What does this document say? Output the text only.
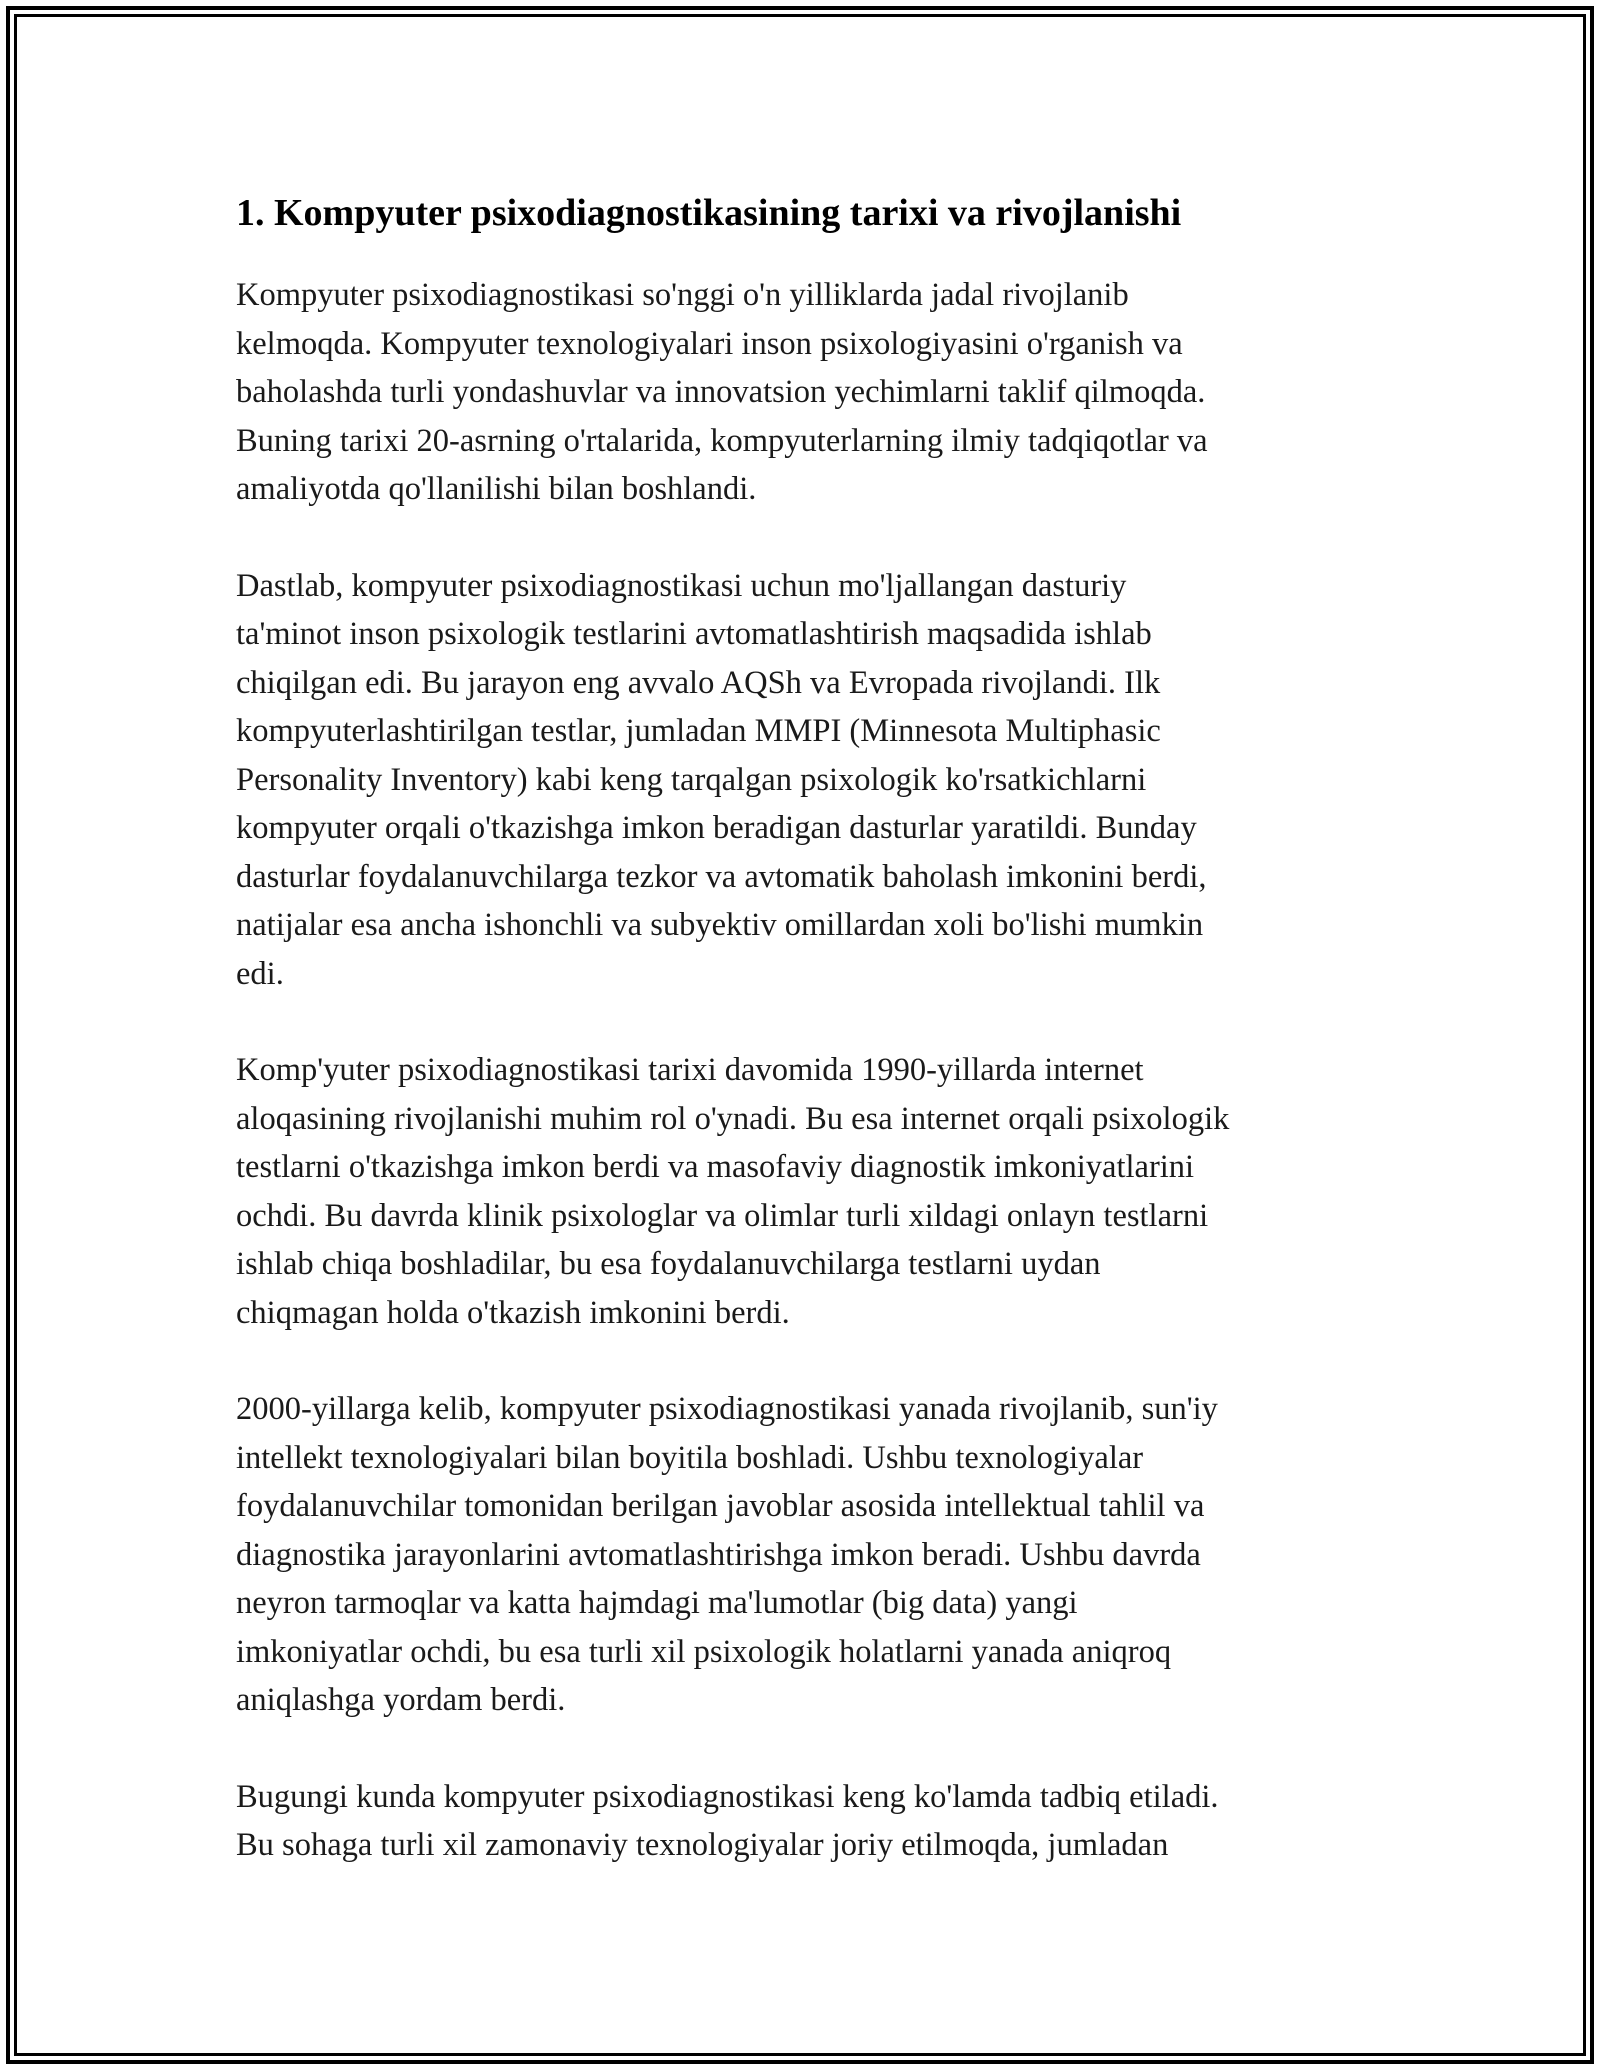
1. Kompyuter psixodiagnostikasining tarixi va rivojlanishi

Kompyuter psixodiagnostikasi so'nggi o'n yilliklarda jadal rivojlanib
kelmoqda. Kompyuter texnologiyalari inson psixologiyasini o'rganish va
baholashda turli yondashuvlar va innovatsion yechimlarni taklif qilmoqda.
Buning tarixi 20-asrning o'rtalarida, kompyuterlarning ilmiy tadqiqotlar va
amaliyotda qo'llanilishi bilan boshlandi.

Dastlab, kompyuter psixodiagnostikasi uchun mo'ljallangan dasturiy
ta'minot inson psixologik testlarini avtomatlashtirish maqsadida ishlab
chiqilgan edi. Bu jarayon eng avvalo AQSh va Evropada rivojlandi. Ilk
kompyuterlashtirilgan testlar, jumladan MMPI (Minnesota Multiphasic
Personality Inventory) kabi keng tarqalgan psixologik ko'rsatkichlarni
kompyuter orqali o'tkazishga imkon beradigan dasturlar yaratildi. Bunday
dasturlar foydalanuvchilarga tezkor va avtomatik baholash imkonini berdi,
natijalar esa ancha ishonchli va subyektiv omillardan xoli bo'lishi mumkin
edi.

Komp'yuter psixodiagnostikasi tarixi davomida 1990-yillarda internet
aloqasining rivojlanishi muhim rol o'ynadi. Bu esa internet orqali psixologik
testlarni o'tkazishga imkon berdi va masofaviy diagnostik imkoniyatlarini
ochdi. Bu davrda klinik psixologlar va olimlar turli xildagi onlayn testlarni
ishlab chiqa boshladilar, bu esa foydalanuvchilarga testlarni uydan
chiqmagan holda o'tkazish imkonini berdi.

2000-yillarga kelib, kompyuter psixodiagnostikasi yanada rivojlanib, sun'iy
intellekt texnologiyalari bilan boyitila boshladi. Ushbu texnologiyalar
foydalanuvchilar tomonidan berilgan javoblar asosida intellektual tahlil va
diagnostika jarayonlarini avtomatlashtirishga imkon beradi. Ushbu davrda
neyron tarmoqlar va katta hajmdagi ma'lumotlar (big data) yangi
imkoniyatlar ochdi, bu esa turli xil psixologik holatlarni yanada aniqroq
aniqlashga yordam berdi.

Bugungi kunda kompyuter psixodiagnostikasi keng ko'lamda tadbiq etiladi.
Bu sohaga turli xil zamonaviy texnologiyalar joriy etilmoqda, jumladan
